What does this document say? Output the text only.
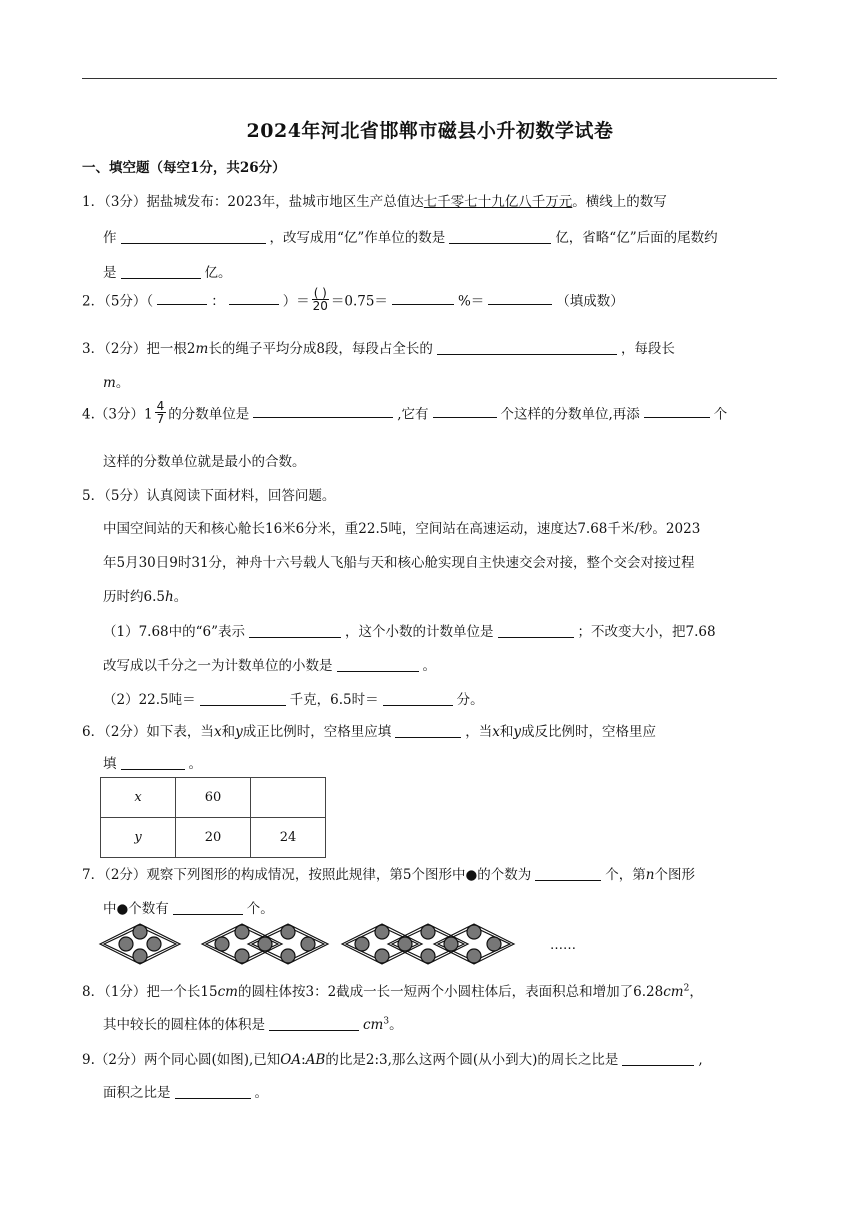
2024年河北省邯郸市磁县小升初数学试卷
一、填空题（每空1分，共26分）
1．（3分）据盐城发布：2023年，盐城市地区生产总值达七千零七十九亿八千万元。横线上的数写
作	，改写成用“亿”作单位的数是	亿，省略“亿”后面的尾数约
是	亿。
2．（5分）（	：	）＝ $\frac{( )}{20} =0.75=$	%＝	（填成数）
3．（2分）把一根2m长的绳子平均分成8段，每段占全长的	，每段长
m。
4.（3分）$1 \frac{4}{7}$ 的分数单位是	,它有	个这样的分数单位,再添	个
这样的分数单位就是最小的合数。
5．（5分）认真阅读下面材料，回答问题。
中国空间站的天和核心舱长16米6分米，重22.5吨，空间站在高速运动，速度达7.68千米/秒。2023
年5月30日9时31分，神舟十六号载人飞船与天和核心舱实现自主快速交会对接，整个交会对接过程
历时约6.5h。
（1）7.68中的“6”表示	，这个小数的计数单位是	；不改变大小，把7.68
改写成以千分之一为计数单位的小数是	。
（2）22.5吨＝	千克，6.5时＝	分。
6．（2分）如下表，当x和y成正比例时，空格里应填	，当x和y成反比例时，空格里应
填	。
x	60	
y	20	24
7．（2分）观察下列图形的构成情况，按照此规律，第5个图形中●的个数为	个，第n个图形
中●个数有	个。
……
8．（1分）把一个长15cm的圆柱体按3：2截成一长一短两个小圆柱体后，表面积总和增加了$6.28cm^2$，
其中较长的圆柱体的体积是	$cm^3$。
9.（2分）两个同心圆(如图),已知OA:AB的比是2:3,那么这两个圆(从小到大)的周长之比是	,
面积之比是	。
